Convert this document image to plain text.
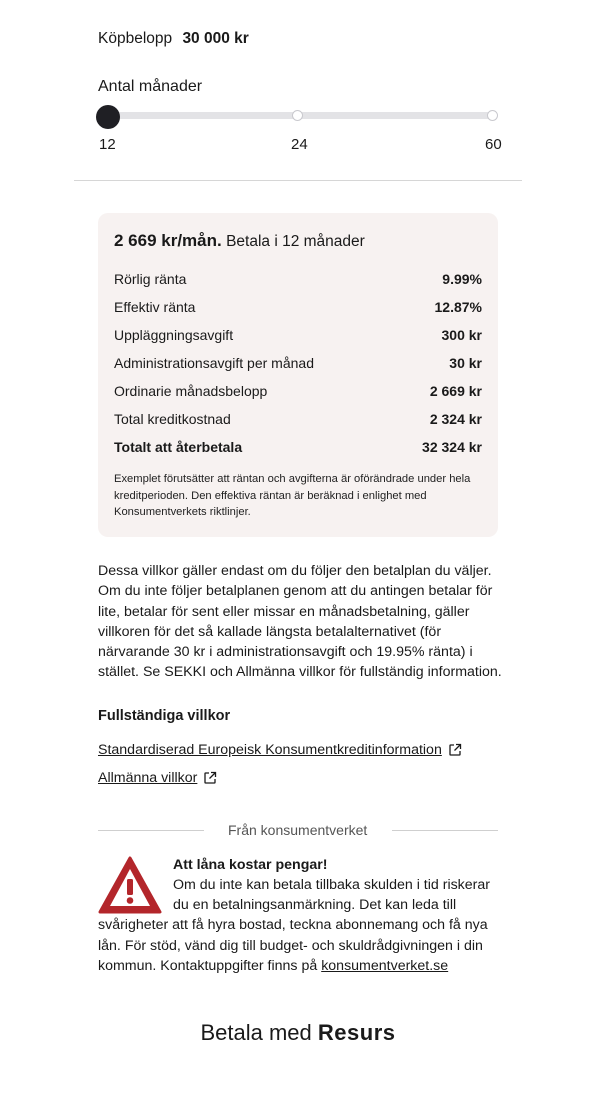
Köpbelopp 30 000 kr
Antal månader
12	24	60
2 669 kr/mån. Betala i 12 månader
Rörlig ränta	9.99%
Effektiv ränta	12.87%
Uppläggningsavgift	300 kr
Administrationsavgift per månad	30 kr
Ordinarie månadsbelopp	2 669 kr
Total kreditkostnad	2 324 kr
Totalt att återbetala	32 324 kr
Exemplet förutsätter att räntan och avgifterna är oförändrade under hela kreditperioden. Den effektiva räntan är beräknad i enlighet med Konsumentverkets riktlinjer.
Dessa villkor gäller endast om du följer den betalplan du väljer. Om du inte följer betalplanen genom att du antingen betalar för lite, betalar för sent eller missar en månadsbetalning, gäller villkoren för det så kallade längsta betalalternativet (för närvarande 30 kr i administrationsavgift och 19.95% ränta) i stället. Se SEKKI och Allmänna villkor för fullständig information.
Fullständiga villkor
Standardiserad Europeisk Konsumentkreditinformation
Allmänna villkor
Från konsumentverket
Att låna kostar pengar!
Om du inte kan betala tillbaka skulden i tid riskerar
du en betalningsanmärkning. Det kan leda till
svårigheter att få hyra bostad, teckna abonnemang och få nya lån. För stöd, vänd dig till budget- och skuldrådgivningen i din kommun. Kontaktuppgifter finns på konsumentverket.se
Betala med Resurs
